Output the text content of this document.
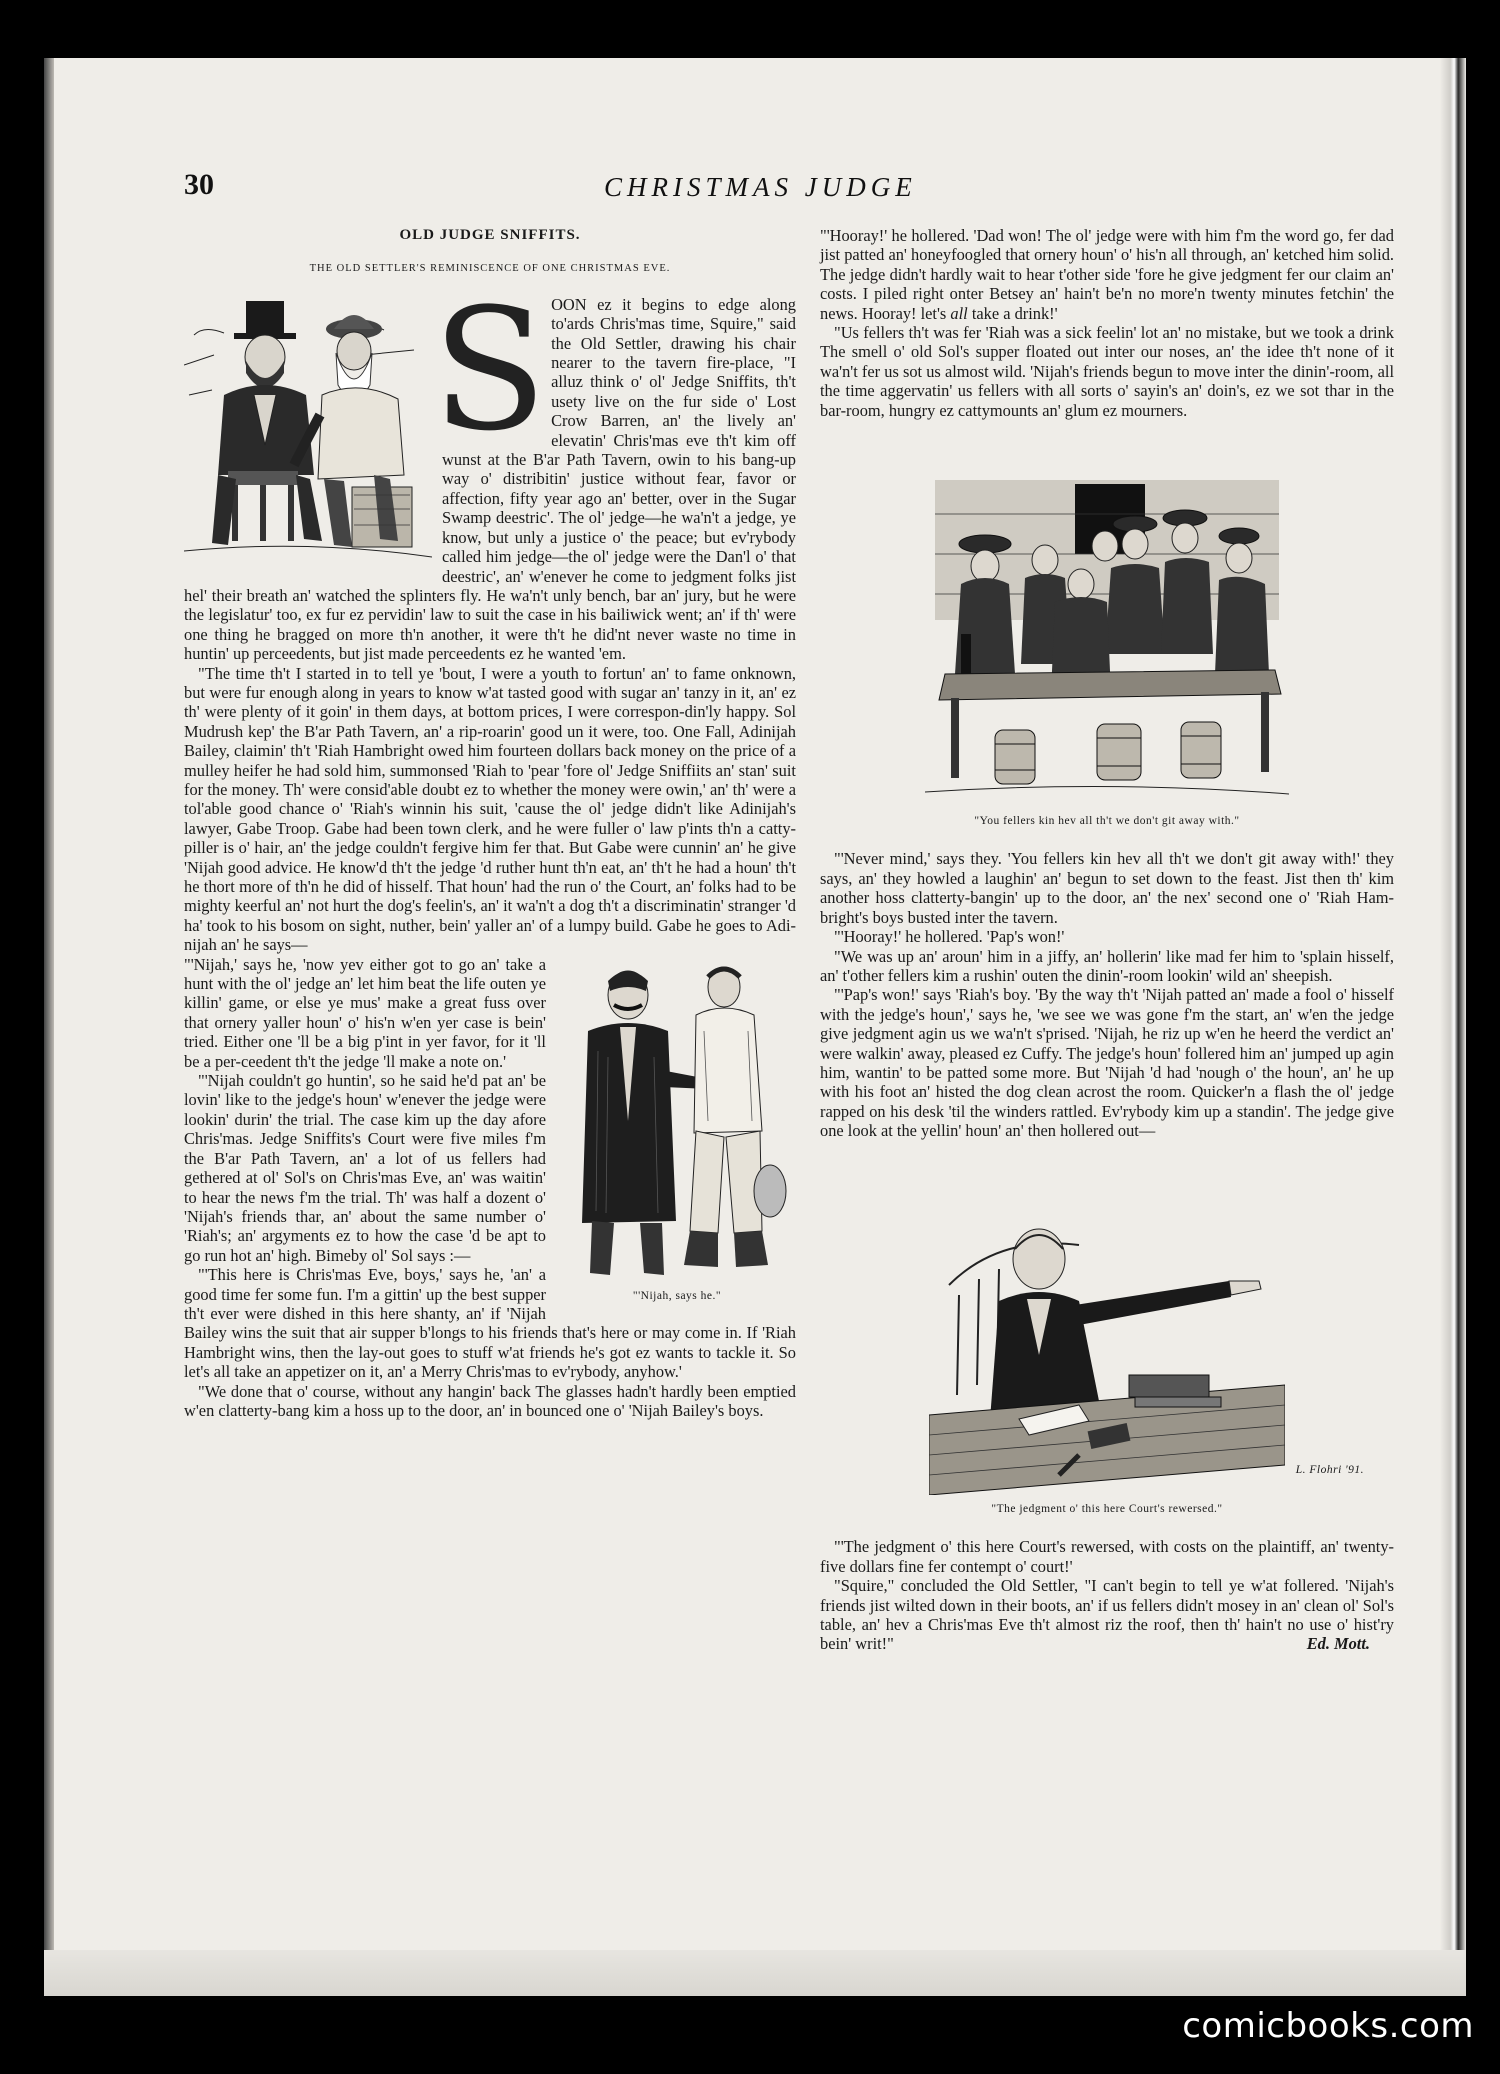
30	CHRISTMAS JUDGE

OLD JUDGE SNIFFITS.

THE OLD SETTLER'S REMINISCENCE OF ONE CHRISTMAS EVE.

S OON ez it begins to edge along to'ards Chris'mas time, Squire," said the Old Settler, drawing his chair nearer to the tavern fire-place, "I alluz think o' ol' Jedge Sniffits, th't usety live on the fur side o' Lost Crow Barren, an' the lively an' elevatin' Chris'mas eve th't kim off wunst at the B'ar Path Tavern, owin to his bang-up way o' distribitin' justice without fear, favor or affection, fifty year ago an' better, over in the Sugar Swamp deestric'. The ol' jedge—he wa'n't a jedge, ye know, but unly a justice o' the peace; but ev'rybody called him jedge—the ol' jedge were the Dan'l o' that deestric', an' w'enever he come to jedgment folks jist hel' their breath an' watched the splinters fly. He wa'n't unly bench, bar an' jury, but he were the legislatur' too, ex fur ez pervidin' law to suit the case in his bailiwick went; an' if th' were one thing he bragged on more th'n another, it were th't he did'nt never waste no time in huntin' up perceedents, but jist made perceedents ez he wanted 'em.

"The time th't I started in to tell ye 'bout, I were a youth to fortun' an' to fame onknown, but were fur enough along in years to know w'at tasted good with sugar an' tanzy in it, an' ez th' were plenty of it goin' in them days, at bottom prices, I were correspon-din'ly happy. Sol Mudrush kep' the B'ar Path Tavern, an' a rip-roarin' good un it were, too. One Fall, Adinijah Bailey, claimin' th't 'Riah Hambright owed him fourteen dollars back money on the price of a mulley heifer he had sold him, summonsed 'Riah to 'pear 'fore ol' Jedge Sniffiits an' stan' suit for the money. Th' were consid'able doubt ez to whether the money were owin,' an' th' were a tol'able good chance o' 'Riah's winnin his suit, 'cause the ol' jedge didn't like Adinijah's lawyer, Gabe Troop. Gabe had been town clerk, and he were fuller o' law p'ints th'n a catty-piller is o' hair, an' the jedge couldn't fergive him fer that. But Gabe were cunnin' an' he give 'Nijah good advice. He know'd th't the jedge 'd ruther hunt th'n eat, an' th't he had a houn' th't he thort more of th'n he did of hisself. That houn' had the run o' the Court, an' folks had to be mighty keerful an' not hurt the dog's feelin's, an' it wa'n't a dog th't a discriminatin' stranger 'd ha' took to his bosom on sight, nuther, bein' yaller an' of a lumpy build. Gabe he goes to Adi-nijah an' he says—

"'Nijah, says he."

"'Nijah,' says he, 'now yev either got to go an' take a hunt with the ol' jedge an' let him beat the life outen ye killin' game, or else ye mus' make a great fuss over that ornery yaller houn' o' his'n w'en yer case is bein' tried. Either one 'll be a big p'int in yer favor, for it 'll be a per-ceedent th't the jedge 'll make a note on.'

"'Nijah couldn't go huntin', so he said he'd pat an' be lovin' like to the jedge's houn' w'enever the jedge were lookin' durin' the trial. The case kim up the day afore Chris'mas. Jedge Sniffits's Court were five miles f'm the B'ar Path Tavern, an' a lot of us fellers had gethered at ol' Sol's on Chris'mas Eve, an' was waitin' to hear the news f'm the trial. Th' was half a dozent o' 'Nijah's friends thar, an' about the same number o' 'Riah's; an' argyments ez to how the case 'd be apt to go run hot an' high. Bimeby ol' Sol says :—

"'This here is Chris'mas Eve, boys,' says he, 'an' a good time fer some fun. I'm a gittin' up the best supper th't ever were dished in this here shanty, an' if 'Nijah Bailey wins the suit that air supper b'longs to his friends that's here or may come in. If 'Riah Hambright wins, then the lay-out goes to stuff w'at friends he's got ez wants to tackle it. So let's all take an appetizer on it, an' a Merry Chris'mas to ev'rybody, anyhow.'

"We done that o' course, without any hangin' back The glasses hadn't hardly been emptied w'en clatterty-bang kim a hoss up to the door, an' in bounced one o' 'Nijah Bailey's boys.

"'Hooray!' he hollered. 'Dad won! The ol' jedge were with him f'm the word go, fer dad jist patted an' honeyfoogled that ornery houn' o' his'n all through, an' ketched him solid. The jedge didn't hardly wait to hear t'other side 'fore he give jedgment fer our claim an' costs. I piled right onter Betsey an' hain't be'n no more'n twenty minutes fetchin' the news. Hooray! let's all take a drink!'

"Us fellers th't was fer 'Riah was a sick feelin' lot an' no mistake, but we took a drink The smell o' old Sol's supper floated out inter our noses, an' the idee th't none of it wa'n't fer us sot us almost wild. 'Nijah's friends begun to move inter the dinin'-room, all the time aggervatin' us fellers with all sorts o' sayin's an' doin's, ez we sot thar in the bar-room, hungry ez cattymounts an' glum ez mourners.

"You fellers kin hev all th't we don't git away with."

"'Never mind,' says they. 'You fellers kin hev all th't we don't git away with!' they says, an' they howled a laughin' an' begun to set down to the feast. Jist then th' kim another hoss clatterty-bangin' up to the door, an' the nex' second one o' 'Riah Ham-bright's boys busted inter the tavern.

"'Hooray!' he hollered. 'Pap's won!'

"We was up an' aroun' him in a jiffy, an' hollerin' like mad fer him to 'splain hisself, an' t'other fellers kim a rushin' outen the dinin'-room lookin' wild an' sheepish.

"'Pap's won!' says 'Riah's boy. 'By the way th't 'Nijah patted an' made a fool o' hisself with the jedge's houn',' says he, 'we see we was gone f'm the start, an' w'en the jedge give jedgment agin us we wa'n't s'prised. 'Nijah, he riz up w'en he heerd the verdict an' were walkin' away, pleased ez Cuffy. The jedge's houn' follered him an' jumped up agin him, wantin' to be patted some more. But 'Nijah 'd had 'nough o' the houn', an' he up with his foot an' histed the dog clean acrost the room. Quicker'n a flash the ol' jedge rapped on his desk 'til the winders rattled. Ev'rybody kim up a standin'. The jedge give one look at the yellin' houn' an' then hollered out—

L. Flohri '91.
"The jedgment o' this here Court's rewersed."

"'The jedgment o' this here Court's rewersed, with costs on the plaintiff, an' twenty-five dollars fine fer contempt o' court!'

"Squire," concluded the Old Settler, "I can't begin to tell ye w'at follered. 'Nijah's friends jist wilted down in their boots, an' if us fellers didn't mosey in an' clean ol' Sol's table, an' hev a Chris'mas Eve th't almost riz the roof, then th' hain't no use o' hist'ry bein' writ!"	Ed. Mott.

comicbooks.com
